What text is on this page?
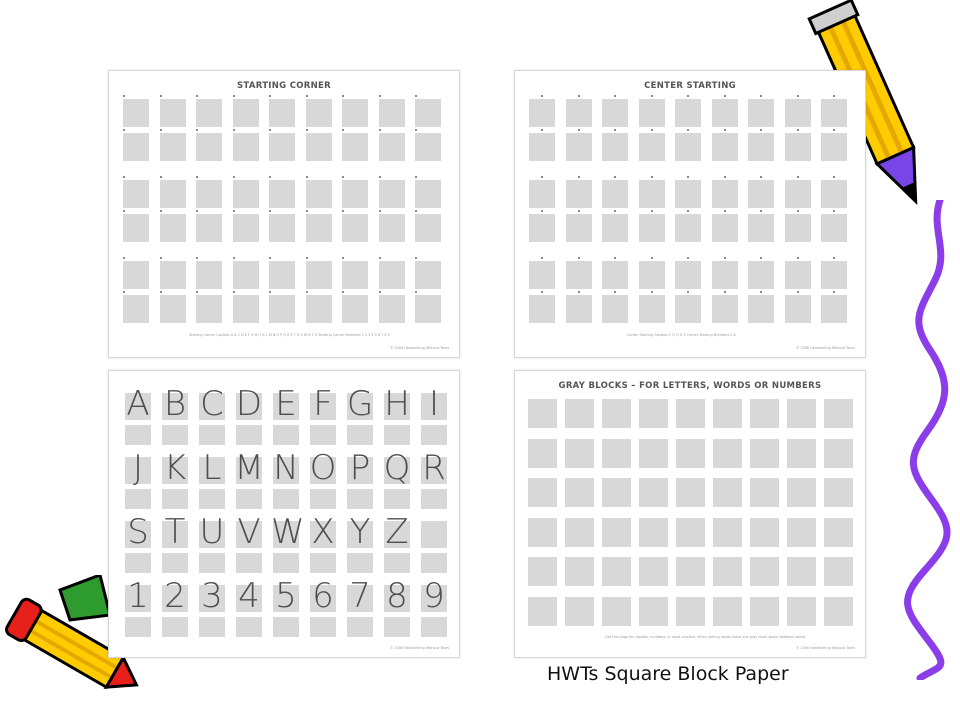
STARTING CORNER
Starting Corner Capitals A B C D E F G H I J K L M N O P Q R S T U V W X Y Z Starting Corner Numbers 1 2 3 4 5 6 7 8 9
© 2008 Handwriting Without Tears
CENTER STARTING
Center Starting Capitals C O Q G S Center Starting Numbers 0 8
© 2008 Handwriting Without Tears
A B C D E F G H I
J K L M N O P Q R
S T U V W X Y Z
1 2 3 4 5 6 7 8 9
© 2008 Handwriting Without Tears
GRAY BLOCKS – FOR LETTERS, WORDS OR NUMBERS
Use this page for capitals, numbers, or word practice. When writing words leave one gray block space between words.
© 2008 Handwriting Without Tears
HWTs Square Block Paper
